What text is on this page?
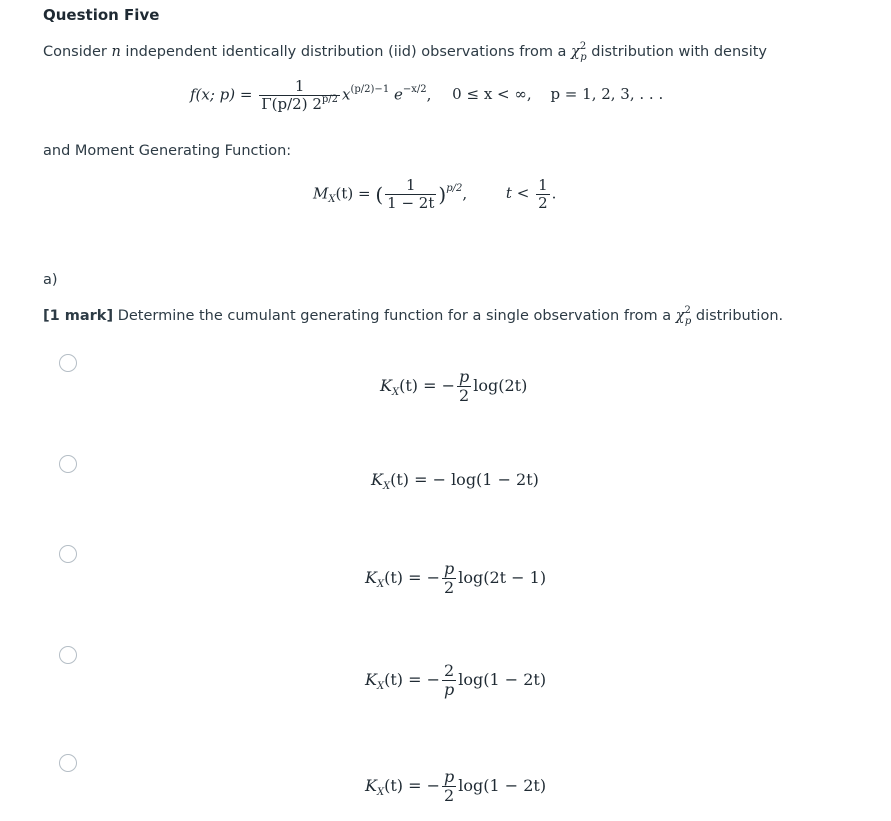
Question Five
Consider n independent identically distribution (iid) observations from a $\chi^2_p$ distribution with density
f(x; $p) = \frac{1}{\Gamma(p/2) 2^{p/2}} x^{(p/2)-1}$ $e^{-x/2}$, 0 ≤ x < ∞, p = 1, 2, 3, . . .
and Moment Generating Function:
$M_X(t)$ = ( $\frac{1}{1 - 2t} )^{p/2}$,	$t < \frac{1}{2}$ .
a)
[1 mark] Determine the cumulant generating function for a single observation from a $\chi^2_p$ distribution.
$K_X(t)$ = − $\frac{p}{2} \log(2t)$
$K_X(t)$ = − log(1 − 2t)
$K_X(t)$ = − $\frac{p}{2} \log(2t - 1)$
$K_X(t)$ = − $\frac{2}{p} \log(1 - 2t)$
$K_X(t)$ = − $\frac{p}{2} \log(1 - 2t)$
